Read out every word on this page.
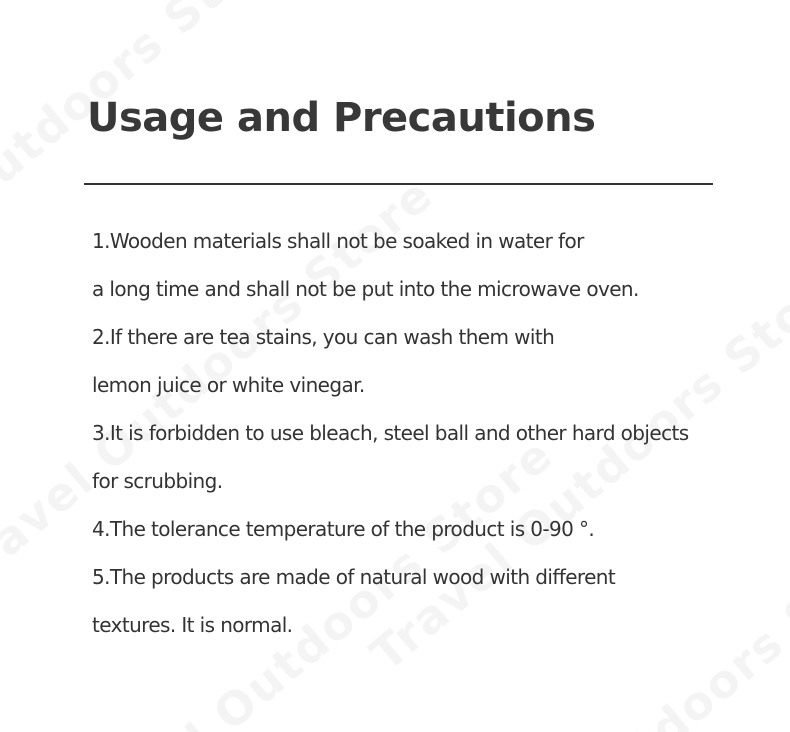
Usage and Precautions
1.Wooden materials shall not be soaked in water for
a long time and shall not be put into the microwave oven.
2.If there are tea stains, you can wash them with
lemon juice or white vinegar.
3.It is forbidden to use bleach, steel ball and other hard objects
for scrubbing.
4.The tolerance temperature of the product is 0-90 °.
5.The products are made of natural wood with different
textures. It is normal.
